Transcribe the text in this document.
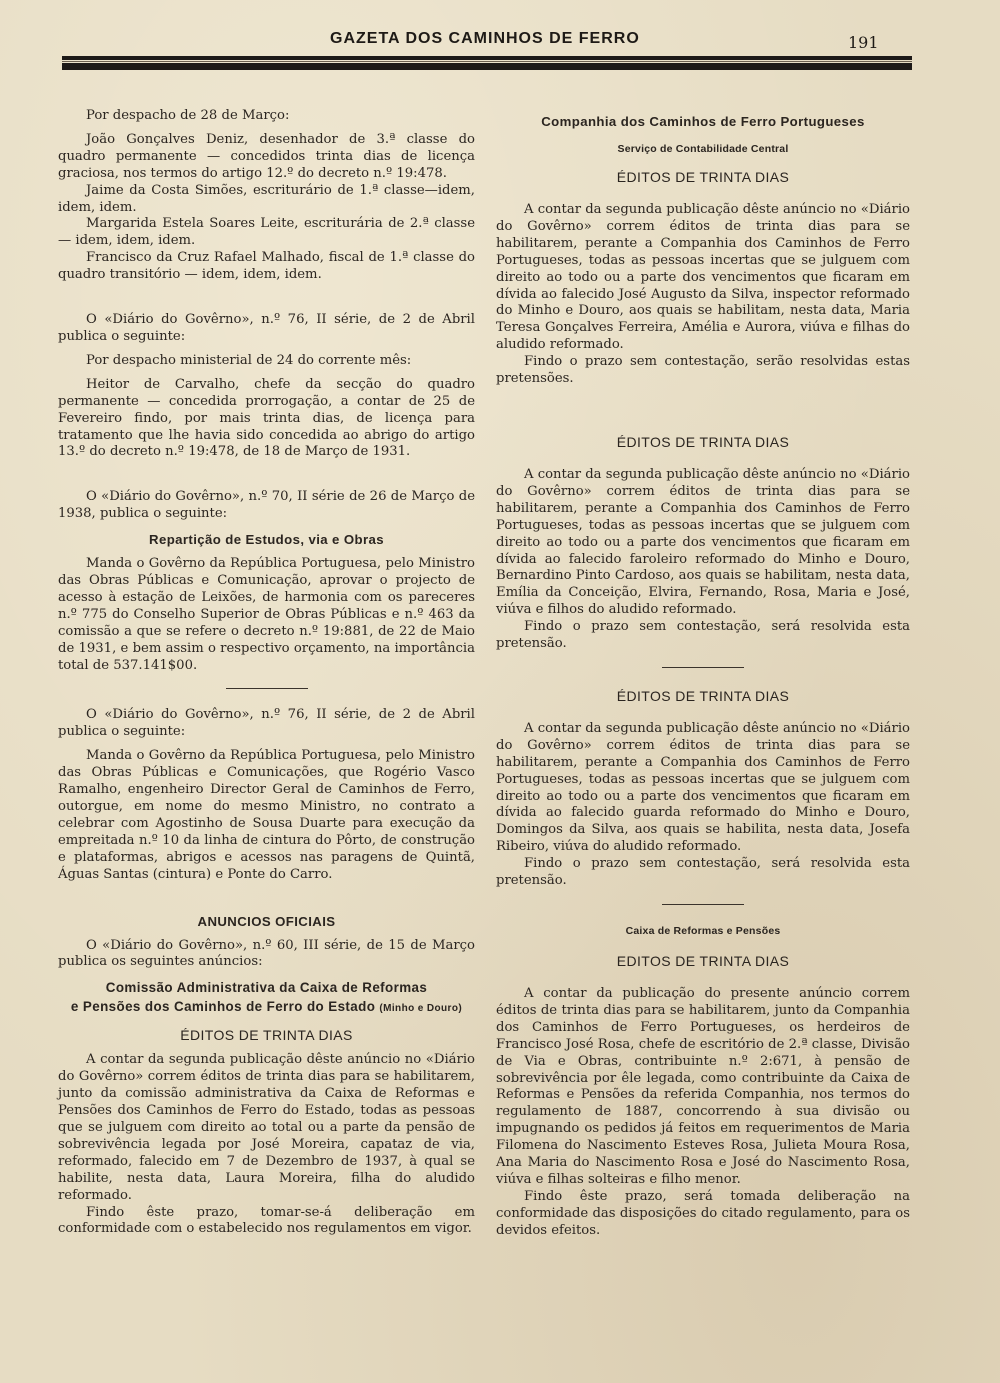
GAZETA DOS CAMINHOS DE FERRO	191

Por despacho de 28 de Março:

João Gonçalves Deniz, desenhador de 3.ª classe do quadro permanente — concedidos trinta dias de licença graciosa, nos termos do artigo 12.º do decreto n.º 19:478.

Jaime da Costa Simões, escriturário de 1.ª classe—idem, idem, idem.

Margarida Estela Soares Leite, escriturária de 2.ª classe — idem, idem, idem.

Francisco da Cruz Rafael Malhado, fiscal de 1.ª classe do quadro transitório — idem, idem, idem.

O «Diário do Govêrno», n.º 76, II série, de 2 de Abril publica o seguinte:

Por despacho ministerial de 24 do corrente mês:

Heitor de Carvalho, chefe da secção do quadro permanente — concedida prorrogação, a contar de 25 de Fevereiro findo, por mais trinta dias, de licença para tratamento que lhe havia sido concedida ao abrigo do artigo 13.º do decreto n.º 19:478, de 18 de Março de 1931.

O «Diário do Govêrno», n.º 70, II série de 26 de Março de 1938, publica o seguinte:

Repartição de Estudos, via e Obras

Manda o Govêrno da República Portuguesa, pelo Ministro das Obras Públicas e Comunicação, aprovar o projecto de acesso à estação de Leixões, de harmonia com os pareceres n.º 775 do Conselho Superior de Obras Públicas e n.º 463 da comissão a que se refere o decreto n.º 19:881, de 22 de Maio de 1931, e bem assim o respectivo orçamento, na importância total de 537.141$00.

O «Diário do Govêrno», n.º 76, II série, de 2 de Abril publica o seguinte:

Manda o Govêrno da República Portuguesa, pelo Ministro das Obras Públicas e Comunicações, que Rogério Vasco Ramalho, engenheiro Director Geral de Caminhos de Ferro, outorgue, em nome do mesmo Ministro, no contrato a celebrar com Agostinho de Sousa Duarte para execução da empreitada n.º 10 da linha de cintura do Pôrto, de construção e plataformas, abrigos e acessos nas paragens de Quintã, Águas Santas (cintura) e Ponte do Carro.

ANUNCIOS OFICIAIS

O «Diário do Govêrno», n.º 60, III série, de 15 de Março publica os seguintes anúncios:

Comissão Administrativa da Caixa de Reformas
e Pensões dos Caminhos de Ferro do Estado (Minho e Douro)
ÉDITOS DE TRINTA DIAS

A contar da segunda publicação dêste anúncio no «Diário do Govêrno» correm éditos de trinta dias para se habilitarem, junto da comissão administrativa da Caixa de Reformas e Pensões dos Caminhos de Ferro do Estado, todas as pessoas que se julguem com direito ao total ou a parte da pensão de sobrevivência legada por José Moreira, capataz de via, reformado, falecido em 7 de Dezembro de 1937, à qual se habilite, nesta data, Laura Moreira, filha do aludido reformado.

Findo êste prazo, tomar-se-á deliberação em conformidade com o estabelecido nos regulamentos em vigor.

Companhia dos Caminhos de Ferro Portugueses
Serviço de Contabilidade Central
ÉDITOS DE TRINTA DIAS

A contar da segunda publicação dêste anúncio no «Diário do Govêrno» correm éditos de trinta dias para se habilitarem, perante a Companhia dos Caminhos de Ferro Portugueses, todas as pessoas incertas que se julguem com direito ao todo ou a parte dos vencimentos que ficaram em dívida ao falecido José Augusto da Silva, inspector reformado do Minho e Douro, aos quais se habilitam, nesta data, Maria Teresa Gonçalves Ferreira, Amélia e Aurora, viúva e filhas do aludido reformado.

Findo o prazo sem contestação, serão resolvidas estas pretensões.

ÉDITOS DE TRINTA DIAS

A contar da segunda publicação dêste anúncio no «Diário do Govêrno» correm éditos de trinta dias para se habilitarem, perante a Companhia dos Caminhos de Ferro Portugueses, todas as pessoas incertas que se julguem com direito ao todo ou a parte dos vencimentos que ficaram em dívida ao falecido faroleiro reformado do Minho e Douro, Bernardino Pinto Cardoso, aos quais se habilitam, nesta data, Emília da Conceição, Elvira, Fernando, Rosa, Maria e José, viúva e filhos do aludido reformado.

Findo o prazo sem contestação, será resolvida esta pretensão.

ÉDITOS DE TRINTA DIAS

A contar da segunda publicação dêste anúncio no «Diário do Govêrno» correm éditos de trinta dias para se habilitarem, perante a Companhia dos Caminhos de Ferro Portugueses, todas as pessoas incertas que se julguem com direito ao todo ou a parte dos vencimentos que ficaram em dívida ao falecido guarda reformado do Minho e Douro, Domingos da Silva, aos quais se habilita, nesta data, Josefa Ribeiro, viúva do aludido reformado.

Findo o prazo sem contestação, será resolvida esta pretensão.

Caixa de Reformas e Pensões
EDITOS DE TRINTA DIAS

A contar da publicação do presente anúncio correm éditos de trinta dias para se habilitarem, junto da Companhia dos Caminhos de Ferro Portugueses, os herdeiros de Francisco José Rosa, chefe de escritório de 2.ª classe, Divisão de Via e Obras, contribuinte n.º 2:671, à pensão de sobrevivência por êle legada, como contribuinte da Caixa de Reformas e Pensões da referida Companhia, nos termos do regulamento de 1887, concorrendo à sua divisão ou impugnando os pedidos já feitos em requerimentos de Maria Filomena do Nascimento Esteves Rosa, Julieta Moura Rosa, Ana Maria do Nascimento Rosa e José do Nascimento Rosa, viúva e filhas solteiras e filho menor.

Findo êste prazo, será tomada deliberação na conformidade das disposições do citado regulamento, para os devidos efeitos.
